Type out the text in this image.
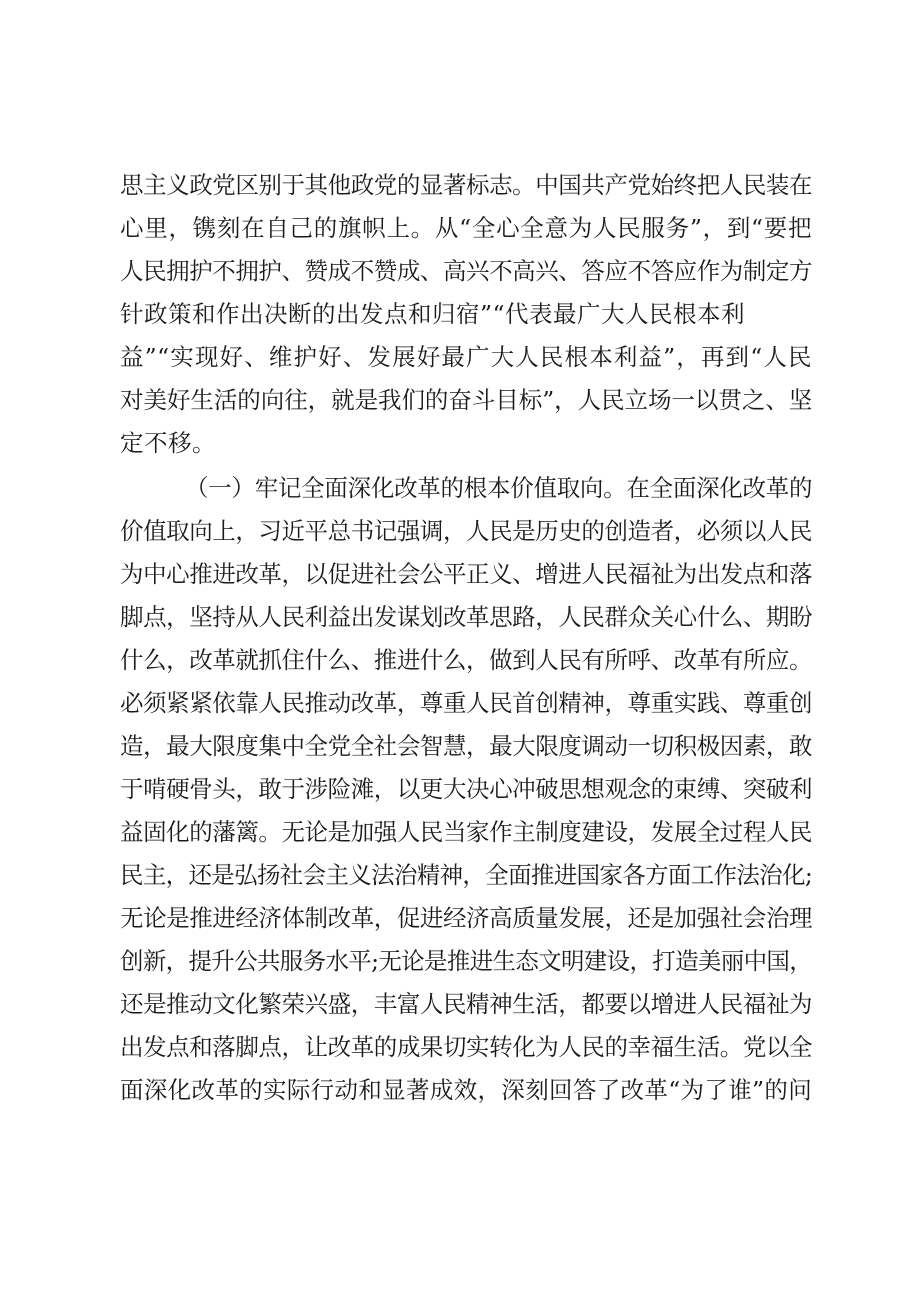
思主义政党区别于其他政党的显著标志。中国共产党始终把人民装在
心里，镌刻在自己的旗帜上。从“全心全意为人民服务”，到“要把
人民拥护不拥护、赞成不赞成、高兴不高兴、答应不答应作为制定方
针政策和作出决断的出发点和归宿”“代表最广大人民根本利
益”“实现好、维护好、发展好最广大人民根本利益”，再到“人民
对美好生活的向往，就是我们的奋斗目标”，人民立场一以贯之、坚
定不移。
（一）牢记全面深化改革的根本价值取向。在全面深化改革的
价值取向上，习近平总书记强调，人民是历史的创造者，必须以人民
为中心推进改革，以促进社会公平正义、增进人民福祉为出发点和落
脚点，坚持从人民利益出发谋划改革思路，人民群众关心什么、期盼
什么，改革就抓住什么、推进什么，做到人民有所呼、改革有所应。
必须紧紧依靠人民推动改革，尊重人民首创精神，尊重实践、尊重创
造，最大限度集中全党全社会智慧，最大限度调动一切积极因素，敢
于啃硬骨头，敢于涉险滩，以更大决心冲破思想观念的束缚、突破利
益固化的藩篱。无论是加强人民当家作主制度建设，发展全过程人民
民主，还是弘扬社会主义法治精神，全面推进国家各方面工作法治化;
无论是推进经济体制改革，促进经济高质量发展，还是加强社会治理
创新，提升公共服务水平;无论是推进生态文明建设，打造美丽中国，
还是推动文化繁荣兴盛，丰富人民精神生活，都要以增进人民福祉为
出发点和落脚点，让改革的成果切实转化为人民的幸福生活。党以全
面深化改革的实际行动和显著成效，深刻回答了改革“为了谁”的问
